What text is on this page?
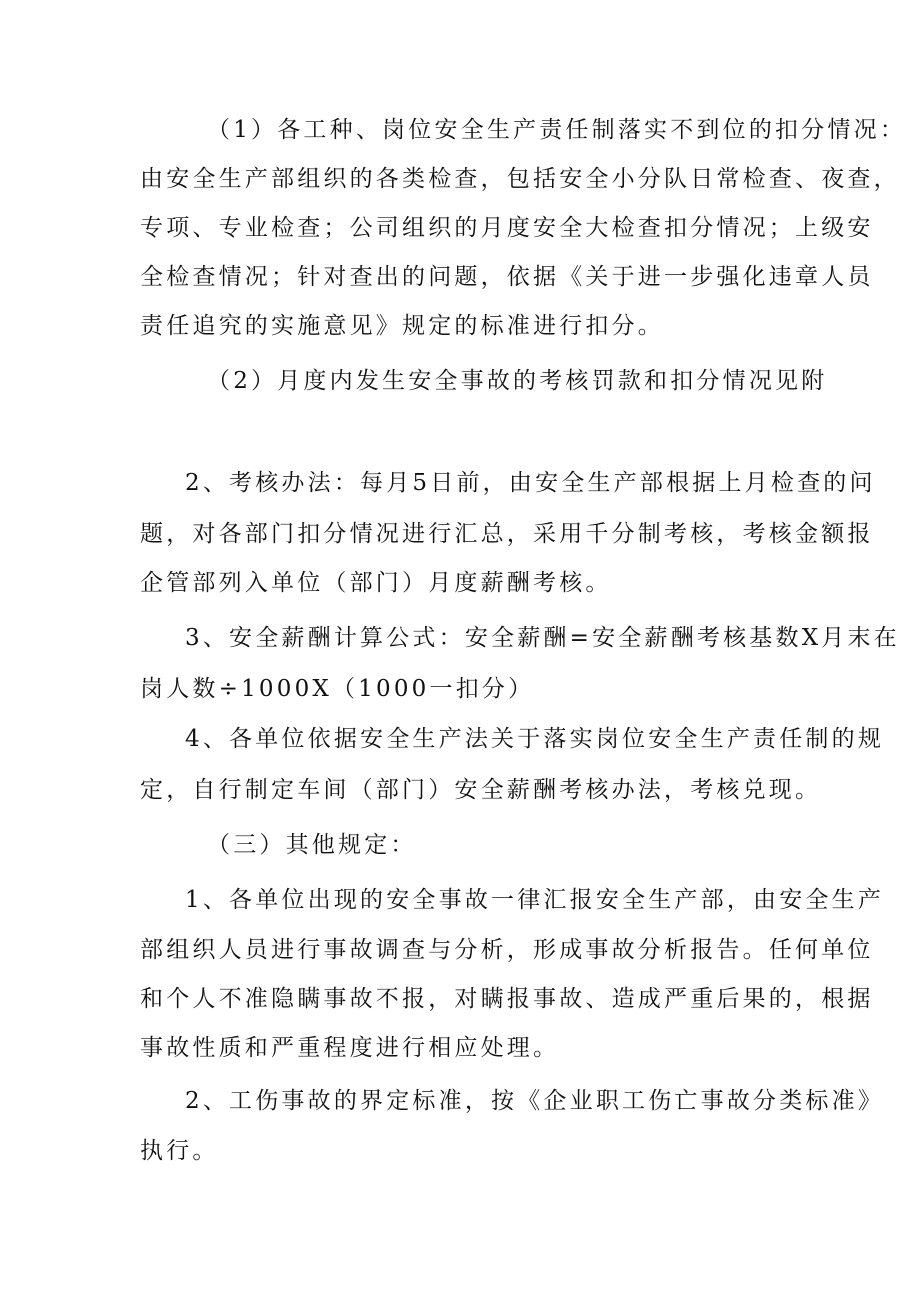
（1）各工种、岗位安全生产责任制落实不到位的扣分情况：
由安全生产部组织的各类检查，包括安全小分队日常检查、夜查，
专项、专业检查；公司组织的月度安全大检查扣分情况；上级安
全检查情况；针对查出的问题，依据《关于进一步强化违章人员
责任追究的实施意见》规定的标准进行扣分。
（2）月度内发生安全事故的考核罚款和扣分情况见附
2、考核办法：每月5日前，由安全生产部根据上月检查的问
题，对各部门扣分情况进行汇总，采用千分制考核，考核金额报
企管部列入单位（部门）月度薪酬考核。
3、安全薪酬计算公式：安全薪酬=安全薪酬考核基数X月末在
岗人数÷1000X（1000一扣分）
4、各单位依据安全生产法关于落实岗位安全生产责任制的规
定，自行制定车间（部门）安全薪酬考核办法，考核兑现。
（三）其他规定：
1、各单位出现的安全事故一律汇报安全生产部，由安全生产
部组织人员进行事故调查与分析，形成事故分析报告。任何单位
和个人不准隐瞒事故不报，对瞒报事故、造成严重后果的，根据
事故性质和严重程度进行相应处理。
2、工伤事故的界定标准，按《企业职工伤亡事故分类标准》
执行。
